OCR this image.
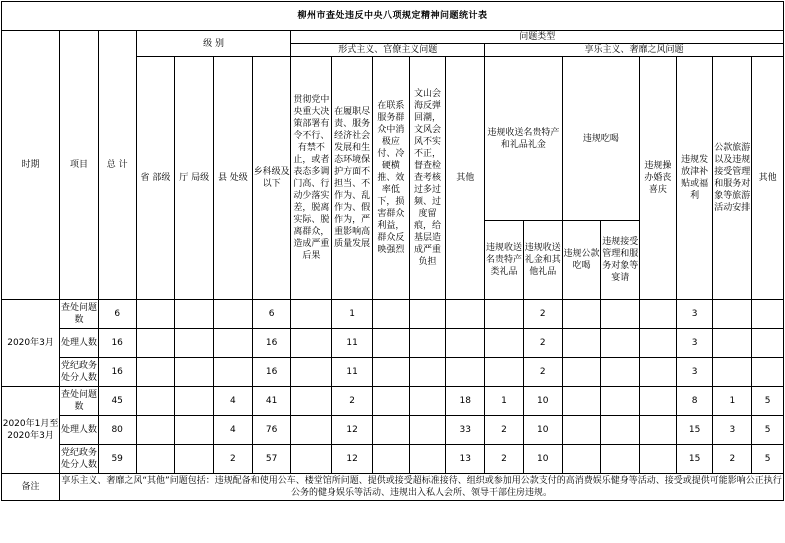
柳州市查处违反中央八项规定精神问题统计表																			
时期	项目	总 计	级 别				问题类型												
							形式主义、官僚主义问题					享乐主义、奢靡之风问题							
			省 部级	厅 局级	县 处级	乡科级及以下	贯彻党中央重大决策部署有令不行、有禁不止，或者表态多调门高、行动少落实差，脱离实际、脱离群众，造成严重后果	在履职尽责、服务经济社会发展和生态环境保护方面不担当、不作为、乱作为、假作为，严重影响高质量发展	在联系服务群众中消极应付、冷硬横推、效率低下，损害群众利益，群众反映强烈	文山会海反弹回潮，文风会风不实不正，督查检查考核过多过频、过度留痕，给基层造成严重负担	其他	违规收送名贵特产和礼品礼金		违规吃喝		违规操办婚丧喜庆	违规发放津补贴或福利	公款旅游以及违规接受管理和服务对象等旅游活动安排	其他
												违规收送名贵特产类礼品	违规收送礼金和其他礼品	违规公款吃喝	违规接受管理和服务对象等宴请				
2020年3月	查处问题数	6				6		1					2				3		
	处理人数	16				16		11					2				3		
	党纪政务处分人数	16				16		11					2				3		
2020年1月至2020年3月	查处问题数	45			4	41		2			18	1	10				8	1	5
	处理人数	80			4	76		12			33	2	10				15	3	5
	党纪政务处分人数	59			2	57		12			13	2	10				15	2	5
备注	享乐主义、奢靡之风“其他”问题包括：违规配备和使用公车、楼堂馆所问题、提供或接受超标准接待、组织或参加用公款支付的高消费娱乐健身等活动、接受或提供可能影响公正执行公务的健身娱乐等活动、违规出入私人会所、领导干部住房违规。																		
